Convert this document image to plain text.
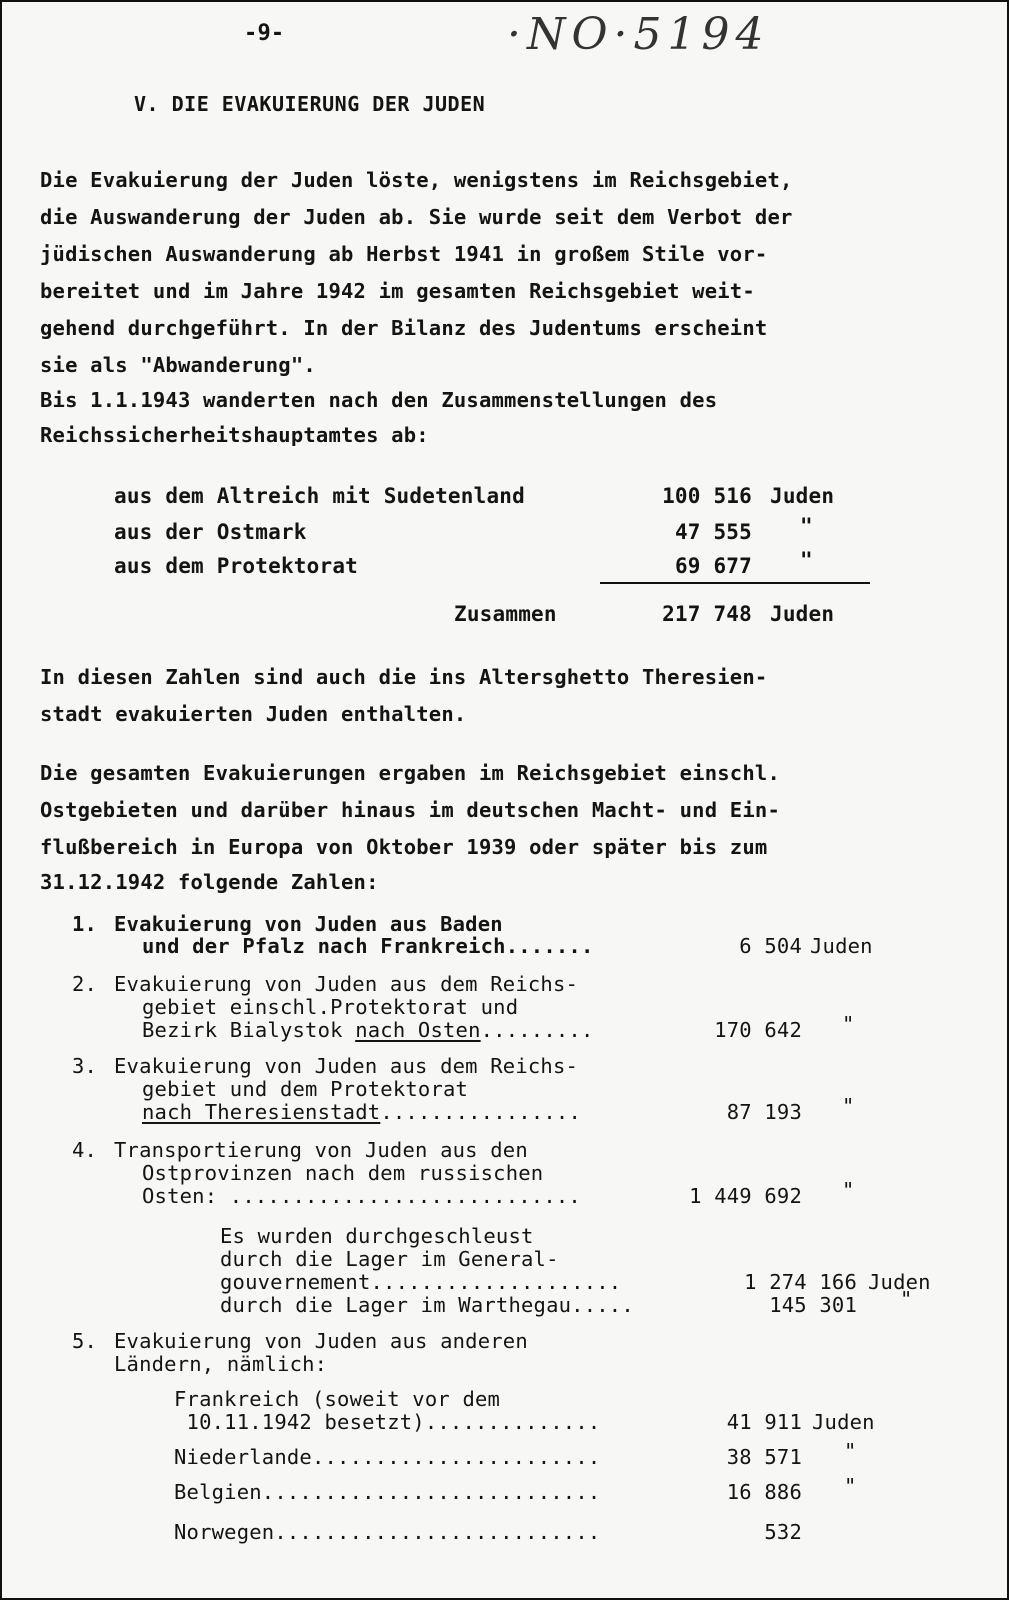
-9-	·NO·5194
V. DIE EVAKUIERUNG DER JUDEN
Die Evakuierung der Juden löste, wenigstens im Reichsgebiet,
die Auswanderung der Juden ab. Sie wurde seit dem Verbot der
jüdischen Auswanderung ab Herbst 1941 in großem Stile vor-
bereitet und im Jahre 1942 im gesamten Reichsgebiet weit-
gehend durchgeführt. In der Bilanz des Judentums erscheint
sie als "Abwanderung".
Bis 1.1.1943 wanderten nach den Zusammenstellungen des
Reichssicherheitshauptamtes ab:
aus dem Altreich mit Sudetenland	100 516 Juden
aus der Ostmark	47 555 "
aus dem Protektorat	69 677 "
Zusammen	217 748 Juden
In diesen Zahlen sind auch die ins Altersghetto Theresien-
stadt evakuierten Juden enthalten.
Die gesamten Evakuierungen ergaben im Reichsgebiet einschl.
Ostgebieten und darüber hinaus im deutschen Macht- und Ein-
flußbereich in Europa von Oktober 1939 oder später bis zum
31.12.1942 folgende Zahlen:
1. Evakuierung von Juden aus Baden
und der Pfalz nach Frankreich.......	6 504 Juden
2. Evakuierung von Juden aus dem Reichs-
gebiet einschl.Protektorat und
Bezirk Bialystok nach Osten.........	170 642 "
3. Evakuierung von Juden aus dem Reichs-
gebiet und dem Protektorat
nach Theresienstadt................	87 193 "
4. Transportierung von Juden aus den
Ostprovinzen nach dem russischen
Osten: ............................	1 449 692 "
Es wurden durchgeschleust
durch die Lager im General-
gouvernement....................	1 274 166 Juden
durch die Lager im Warthegau.....	145 301 "
5. Evakuierung von Juden aus anderen
Ländern, nämlich:
Frankreich (soweit vor dem
10.11.1942 besetzt)..............	41 911 Juden
Niederlande.......................	38 571 "
Belgien...........................	16 886 "
Norwegen..........................	532
